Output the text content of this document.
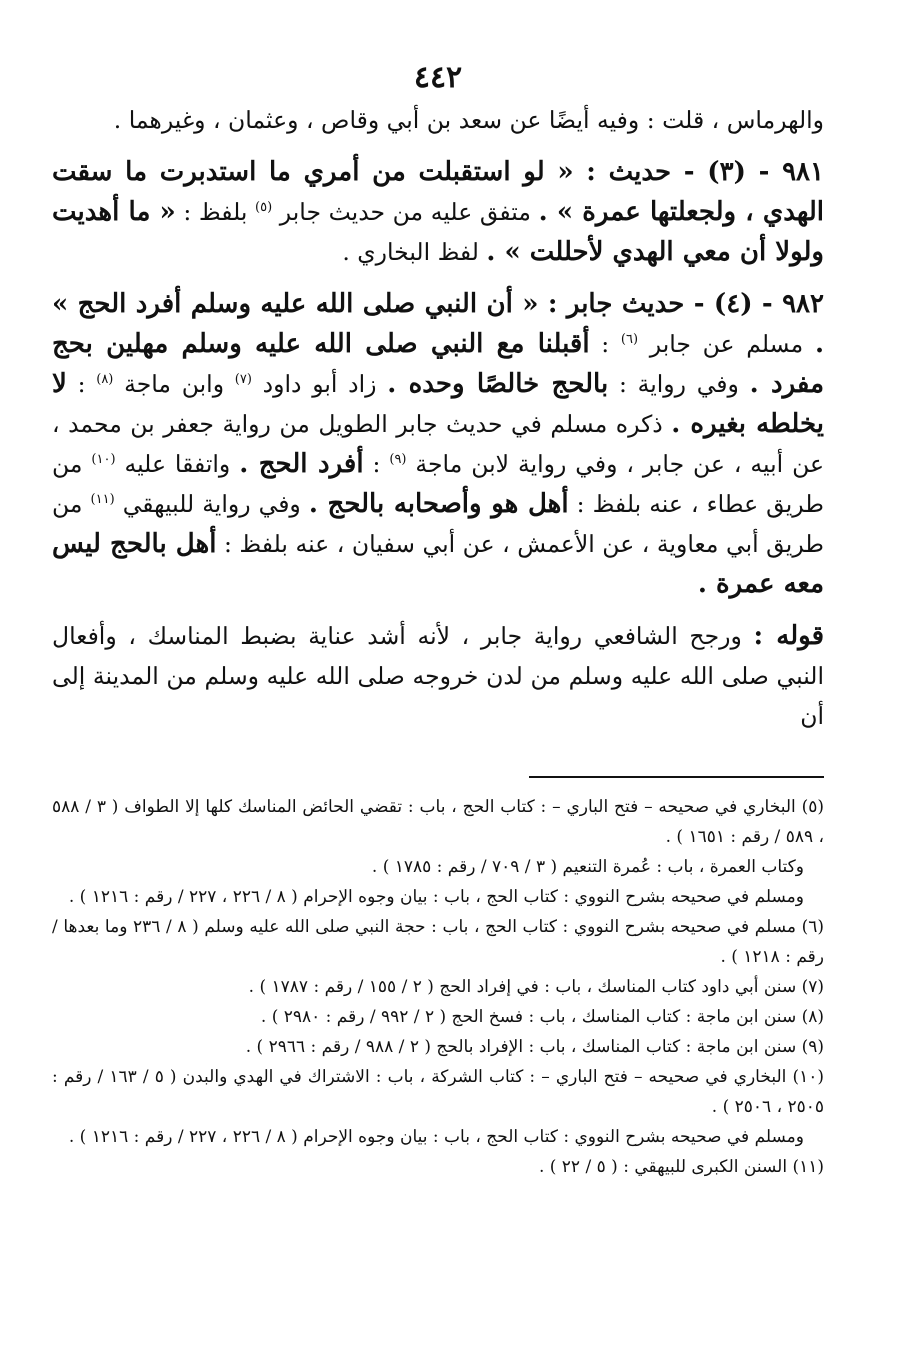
٤٤٢

والهرماس ، قلت : وفيه أيضًا عن سعد بن أبي وقاص ، وعثمان ، وغيرهما .

٩٨١ - (٣) - حديث : « لو استقبلت من أمري ما استدبرت ما سقت الهدي ، ولجعلتها عمرة » . متفق عليه من حديث جابر $^{(٥)}$ بلفظ : « ما أهديت ولولا أن معي الهدي لأحللت » . لفظ البخاري .

٩٨٢ - (٤) - حديث جابر : « أن النبي صلى الله عليه وسلم أفرد الحج » . مسلم عن جابر $^{(٦)}$ : أقبلنا مع النبي صلى الله عليه وسلم مهلين بحج مفرد . وفي رواية : بالحج خالصًا وحده . زاد أبو داود $^{(٧)}$ وابن ماجة $^{(٨)}$ : لا يخلطه بغيره . ذكره مسلم في حديث جابر الطويل من رواية جعفر بن محمد ، عن أبيه ، عن جابر ، وفي رواية لابن ماجة $^{(٩)}$ : أفرد الحج . واتفقا عليه $^{(١٠)}$ من طريق عطاء ، عنه بلفظ : أهل هو وأصحابه بالحج . وفي رواية للبيهقي $^{(١١)}$ من طريق أبي معاوية ، عن الأعمش ، عن أبي سفيان ، عنه بلفظ : أهل بالحج ليس معه عمرة .

قوله : ورجح الشافعي رواية جابر ، لأنه أشد عناية بضبط المناسك ، وأفعال النبي صلى الله عليه وسلم من لدن خروجه صلى الله عليه وسلم من المدينة إلى أن

(٥) البخاري في صحيحه – فتح الباري – : كتاب الحج ، باب : تقضي الحائض المناسك كلها إلا الطواف ( ٣ / ٥٨٨ ، ٥٨٩ / رقم : ١٦٥١ ) .

وكتاب العمرة ، باب : عُمرة التنعيم ( ٣ / ٧٠٩ / رقم : ١٧٨٥ ) .

ومسلم في صحيحه بشرح النووي : كتاب الحج ، باب : بيان وجوه الإحرام ( ٨ / ٢٢٦ ، ٢٢٧ / رقم : ١٢١٦ ) .

(٦) مسلم في صحيحه بشرح النووي : كتاب الحج ، باب : حجة النبي صلى الله عليه وسلم ( ٨ / ٢٣٦ وما بعدها / رقم : ١٢١٨ ) .

(٧) سنن أبي داود كتاب المناسك ، باب : في إفراد الحج ( ٢ / ١٥٥ / رقم : ١٧٨٧ ) .

(٨) سنن ابن ماجة : كتاب المناسك ، باب : فسخ الحج ( ٢ / ٩٩٢ / رقم : ٢٩٨٠ ) .

(٩) سنن ابن ماجة : كتاب المناسك ، باب : الإفراد بالحج ( ٢ / ٩٨٨ / رقم : ٢٩٦٦ ) .

(١٠) البخاري في صحيحه – فتح الباري – : كتاب الشركة ، باب : الاشتراك في الهدي والبدن ( ٥ / ١٦٣ / رقم : ٢٥٠٥ ، ٢٥٠٦ ) .

ومسلم في صحيحه بشرح النووي : كتاب الحج ، باب : بيان وجوه الإحرام ( ٨ / ٢٢٦ ، ٢٢٧ / رقم : ١٢١٦ ) .

(١١) السنن الكبرى للبيهقي : ( ٥ / ٢٢ ) .
